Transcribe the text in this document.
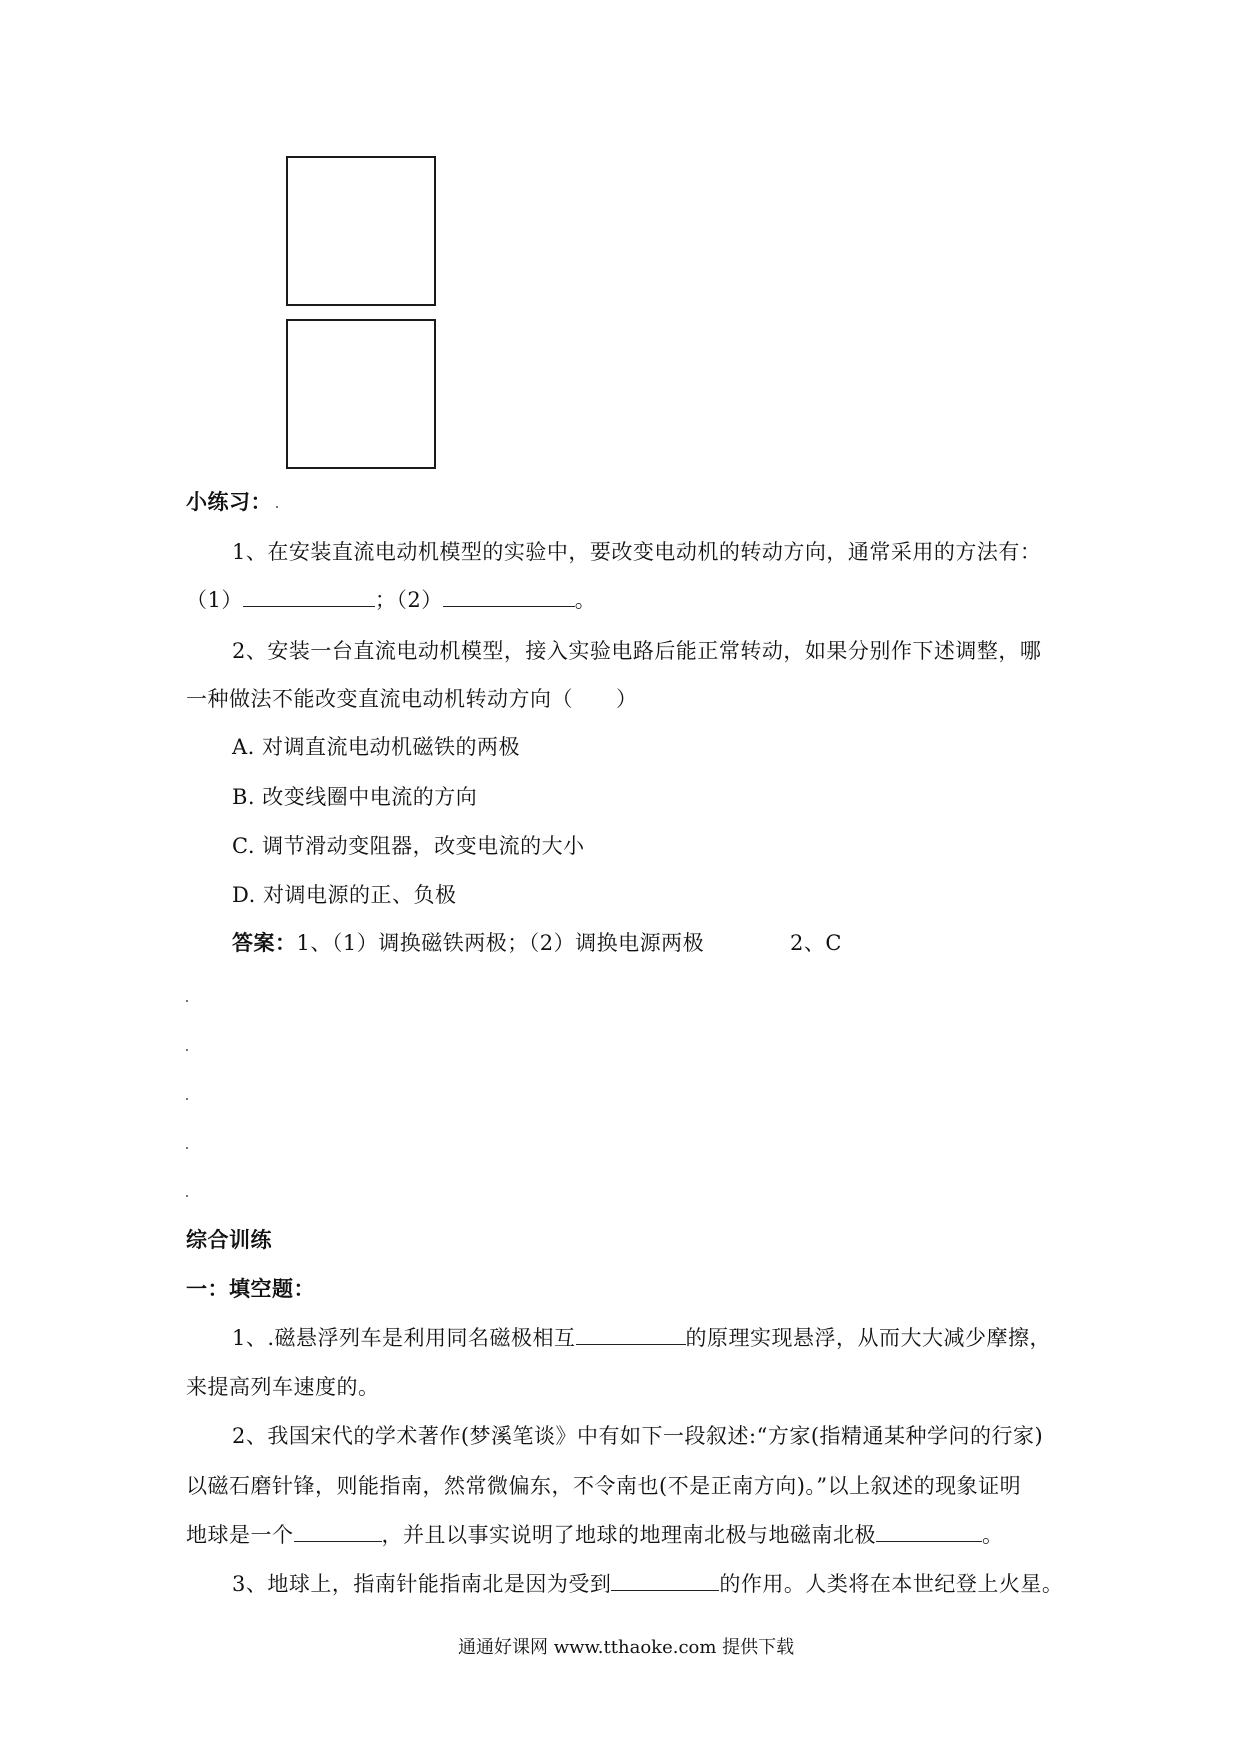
小练习：
1、在安装直流电动机模型的实验中，要改变电动机的转动方向，通常采用的方法有：
（1）	；（2）	。
2、安装一台直流电动机模型，接入实验电路后能正常转动，如果分别作下述调整，哪
一种做法不能改变直流电动机转动方向（　　）
A. 对调直流电动机磁铁的两极
B. 改变线圈中电流的方向
C. 调节滑动变阻器，改变电流的大小
D. 对调电源的正、负极
答案：1、（1）调换磁铁两极；（2）调换电源两极	2、C
综合训练
一：填空题：
1、.磁悬浮列车是利用同名磁极相互	的原理实现悬浮，从而大大减少摩擦，
来提高列车速度的。
2、我国宋代的学术著作(梦溪笔谈》中有如下一段叙述:“方家(指精通某种学问的行家)
以磁石磨针锋，则能指南，然常微偏东，不令南也(不是正南方向)。”以上叙述的现象证明
地球是一个	，并且以事实说明了地球的地理南北极与地磁南北极	。
3、地球上，指南针能指南北是因为受到	的作用。人类将在本世纪登上火星。
通通好课网 www.tthaoke.com 提供下载
